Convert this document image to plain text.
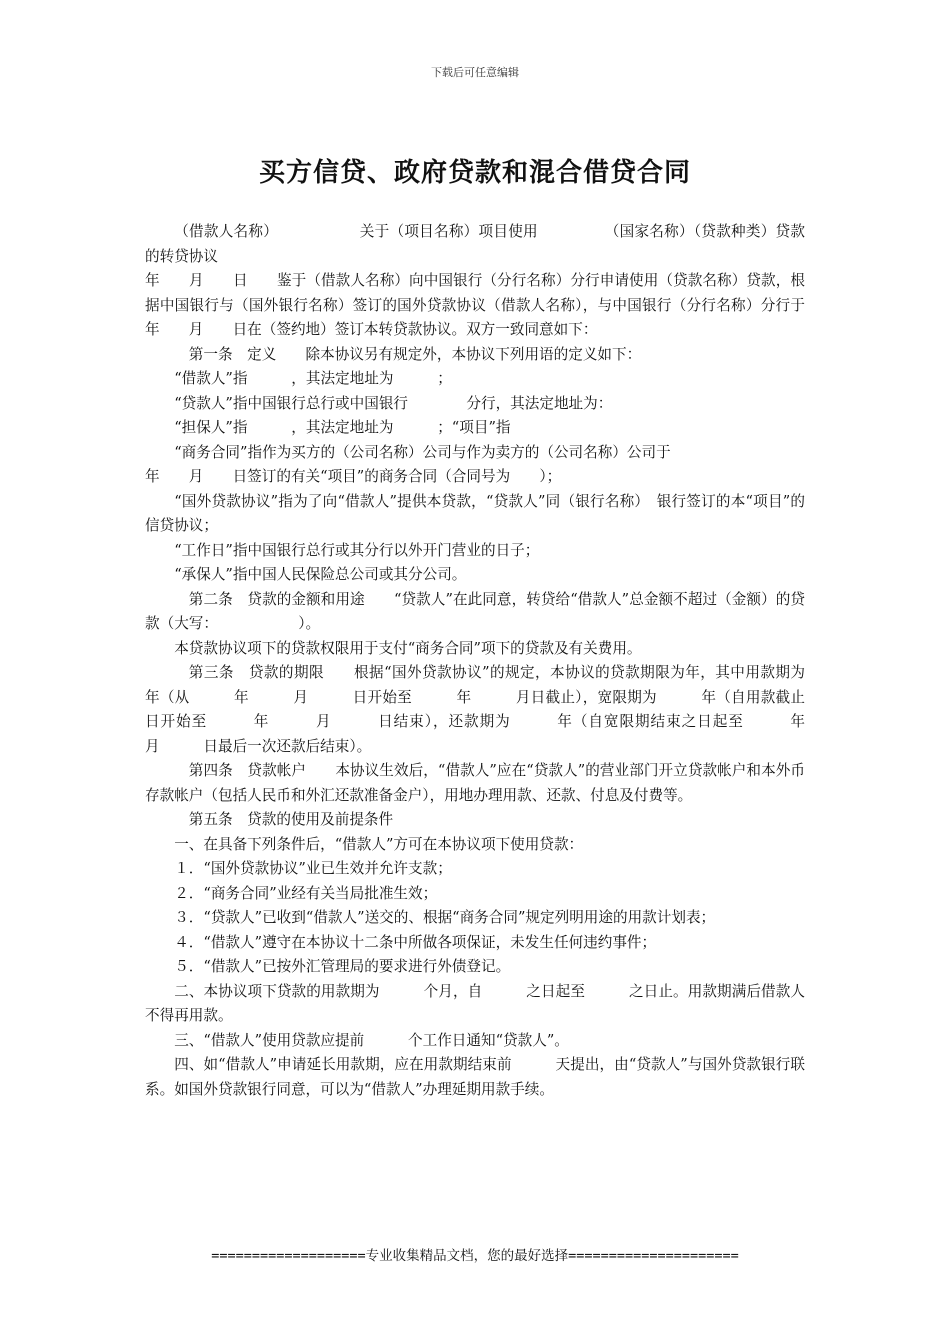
下载后可任意编辑
买方信贷、政府贷款和混合借贷合同

（借款人名称）　　　　　　关于（项目名称）项目使用　　　　　（国家名称）（贷款种类）贷款的转贷协议

年　　月　　日　　鉴于（借款人名称）向中国银行（分行名称）分行申请使用（贷款名称）贷款，根据中国银行与（国外银行名称）签订的国外贷款协议（借款人名称），与中国银行（分行名称）分行于年　　月　　日在（签约地）签订本转贷款协议。双方一致同意如下：

第一条　定义　　除本协议另有规定外，本协议下列用语的定义如下：

“借款人”指　　　，其法定地址为　　　；

“贷款人”指中国银行总行或中国银行　　　　分行，其法定地址为：

“担保人”指　　　，其法定地址为　　　；“项目”指

“商务合同”指作为买方的（公司名称）公司与作为卖方的（公司名称）公司于

年　　月　　日签订的有关“项目”的商务合同（合同号为　　）；

“国外贷款协议”指为了向“借款人”提供本贷款，“贷款人”同（银行名称）　银行签订的本“项目”的信贷协议；

“工作日”指中国银行总行或其分行以外开门营业的日子；

“承保人”指中国人民保险总公司或其分公司。

第二条　贷款的金额和用途　　“贷款人”在此同意，转贷给“借款人”总金额不超过（金额）的贷款（大写：　　　　　　）。

本贷款协议项下的贷款权限用于支付“商务合同”项下的贷款及有关费用。

第三条　贷款的期限　　根据“国外贷款协议”的规定，本协议的贷款期限为年，其中用款期为　　　　年（从　　　年　　　月　　　日开始至　　　年　　　月日截止），宽限期为　　　年（自用款截止日开始至　　　年　　　月　　　日结束），还款期为　　　年（自宽限期结束之日起至　　　年　　　月　　　日最后一次还款后结束）。

第四条　贷款帐户　　本协议生效后，“借款人”应在“贷款人”的营业部门开立贷款帐户和本外币存款帐户（包括人民币和外汇还款准备金户），用地办理用款、还款、付息及付费等。

第五条　贷款的使用及前提条件

一、在具备下列条件后，“借款人”方可在本协议项下使用贷款：

１．“国外贷款协议”业已生效并允许支款；

２．“商务合同”业经有关当局批准生效；

３．“贷款人”已收到“借款人”送交的、根据“商务合同”规定列明用途的用款计划表；

４．“借款人”遵守在本协议十二条中所做各项保证，未发生任何违约事件；

５．“借款人”已按外汇管理局的要求进行外债登记。

二、本协议项下贷款的用款期为　　　个月，自　　　之日起至　　　之日止。用款期满后借款人不得再用款。

三、“借款人”使用贷款应提前　　　个工作日通知“贷款人”。

四、如“借款人”申请延长用款期，应在用款期结束前　　　天提出，由“贷款人”与国外贷款银行联系。如国外贷款银行同意，可以为“借款人”办理延期用款手续。

===================专业收集精品文档，您的最好选择=====================
